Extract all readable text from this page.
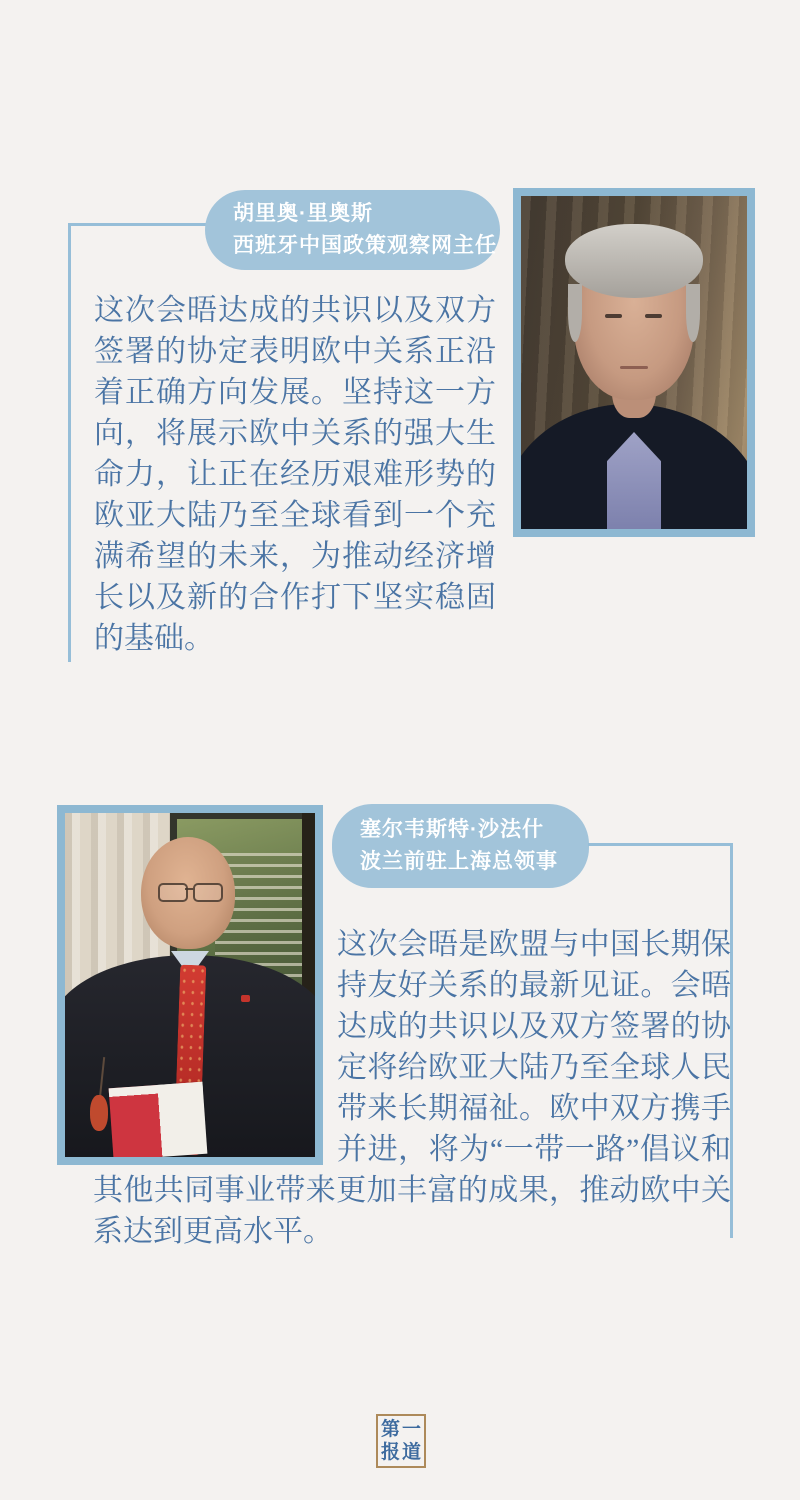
胡里奥·里奥斯
西班牙中国政策观察网主任

这次会晤达成的共识以及双方签署的协定表明欧中关系正沿着正确方向发展。坚持这一方向，将展示欧中关系的强大生命力，让正在经历艰难形势的欧亚大陆乃至全球看到一个充满希望的未来，为推动经济增长以及新的合作打下坚实稳固的基础。

塞尔韦斯特·沙法什
波兰前驻上海总领事

这次会晤是欧盟与中国长期保持友好关系的最新见证。会晤达成的共识以及双方签署的协定将给欧亚大陆乃至全球人民带来长期福祉。欧中双方携手并进，将为“一带一路”倡议和其他共同事业带来更加丰富的成果，推动欧中关系达到更高水平。

第一
报道
